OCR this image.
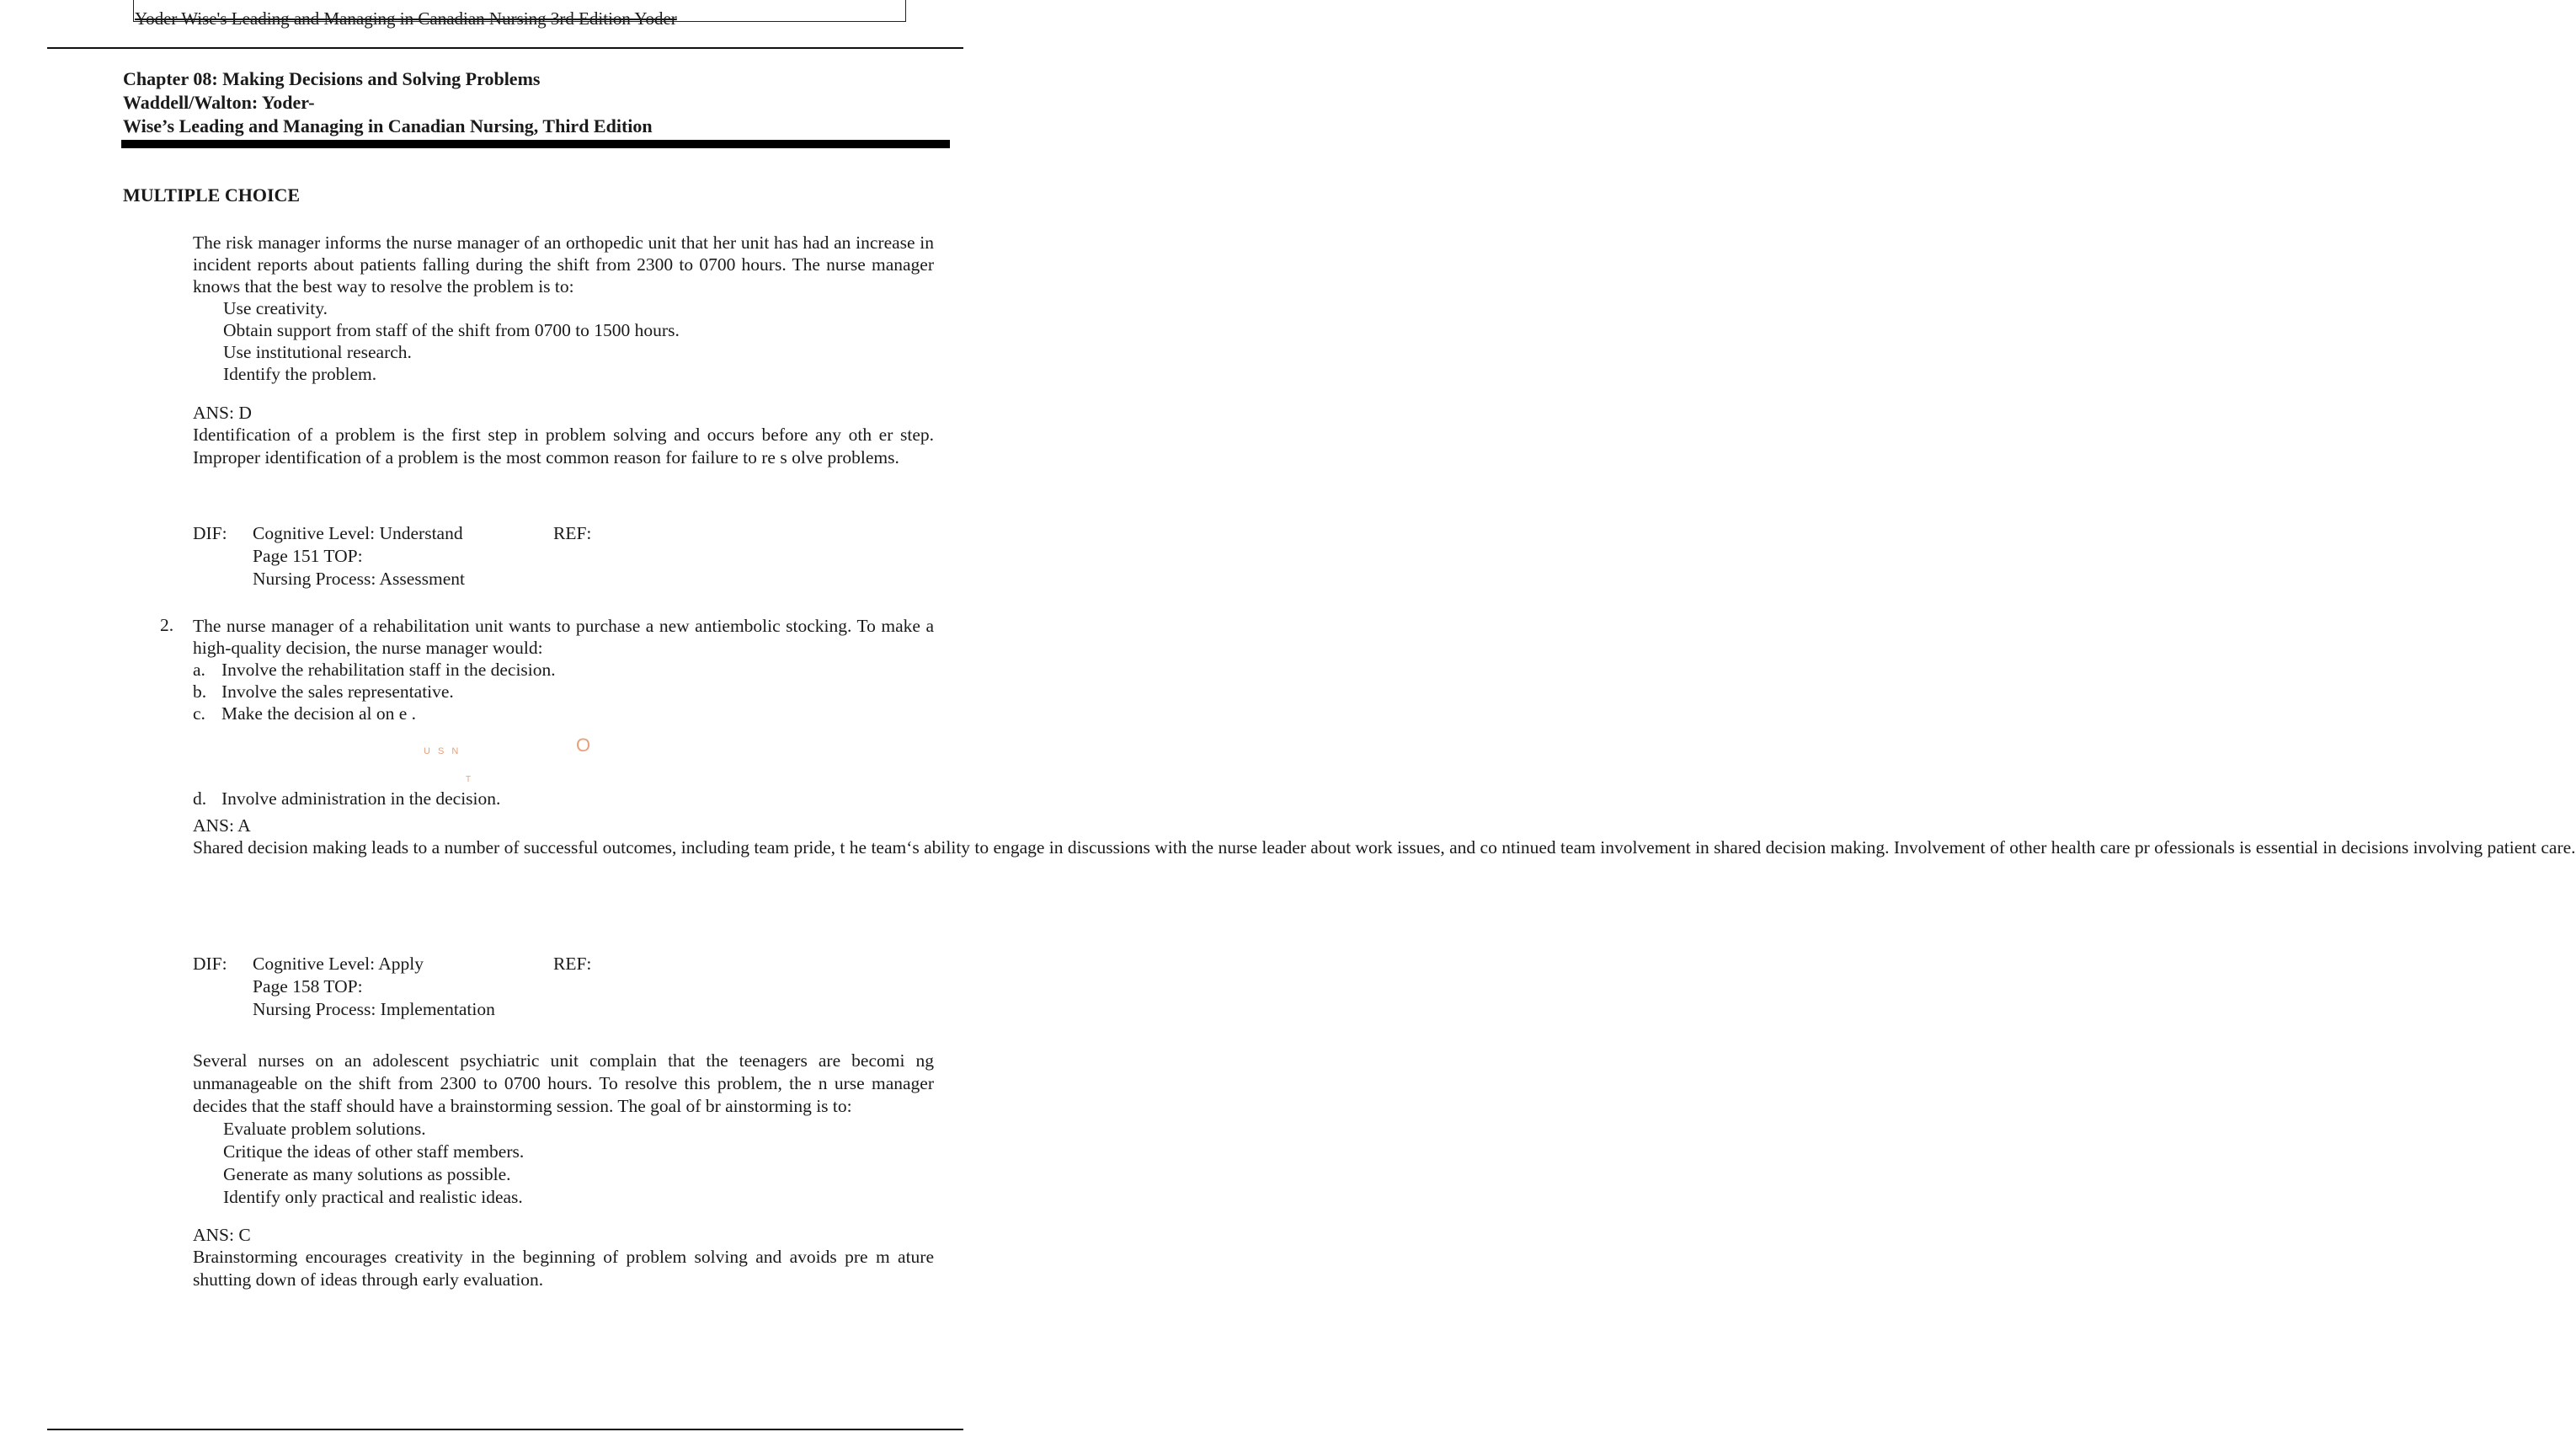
Yoder Wise's Leading and Managing in Canadian Nursing 3rd Edition Yoder
Chapter 08: Making Decisions and Solving Problems
Waddell/Walton: Yoder-
Wise’s Leading and Managing in Canadian Nursing, Third Edition
MULTIPLE CHOICE
The risk manager informs the nurse manager of an orthopedic unit that her unit has had an increase in incident reports about patients falling during the shift from 2300 to 0700 hours. The nurse manager knows that the best way to resolve the problem is to:
Use creativity.
Obtain support from staff of the shift from 0700 to 1500 hours.
Use institutional research.
Identify the problem.
ANS: D
Identification of a problem is the first step in problem solving and occurs before any oth er step. Improper identification of a problem is the most common reason for failure to re s olve problems.
DIF: Cognitive Level: Understand
Page 151 TOP:
Nursing Process: Assessment
REF:
2. The nurse manager of a rehabilitation unit wants to purchase a new antiembolic stocking. To make a high-quality decision, the nurse manager would:
a. Involve the rehabilitation staff in the decision.
b. Involve the sales representative.
c. Make the decision al on e .
U S N	O
T
d. Involve administration in the decision.
ANS: A
Shared decision making leads to a number of successful outcomes, including team pride, t he team‘s ability to engage in discussions with the nurse leader about work issues, and co ntinued team involvement in shared decision making. Involvement of other health care pr ofessionals is essential in decisions involving patient care.
DIF: Cognitive Level: Apply
Page 158 TOP:
Nursing Process: Implementation
REF:
Several nurses on an adolescent psychiatric unit complain that the teenagers are becomi ng unmanageable on the shift from 2300 to 0700 hours. To resolve this problem, the n urse manager decides that the staff should have a brainstorming session. The goal of br ainstorming is to:
Evaluate problem solutions.
Critique the ideas of other staff members.
Generate as many solutions as possible.
Identify only practical and realistic ideas.
ANS: C
Brainstorming encourages creativity in the beginning of problem solving and avoids pre m ature shutting down of ideas through early evaluation.
